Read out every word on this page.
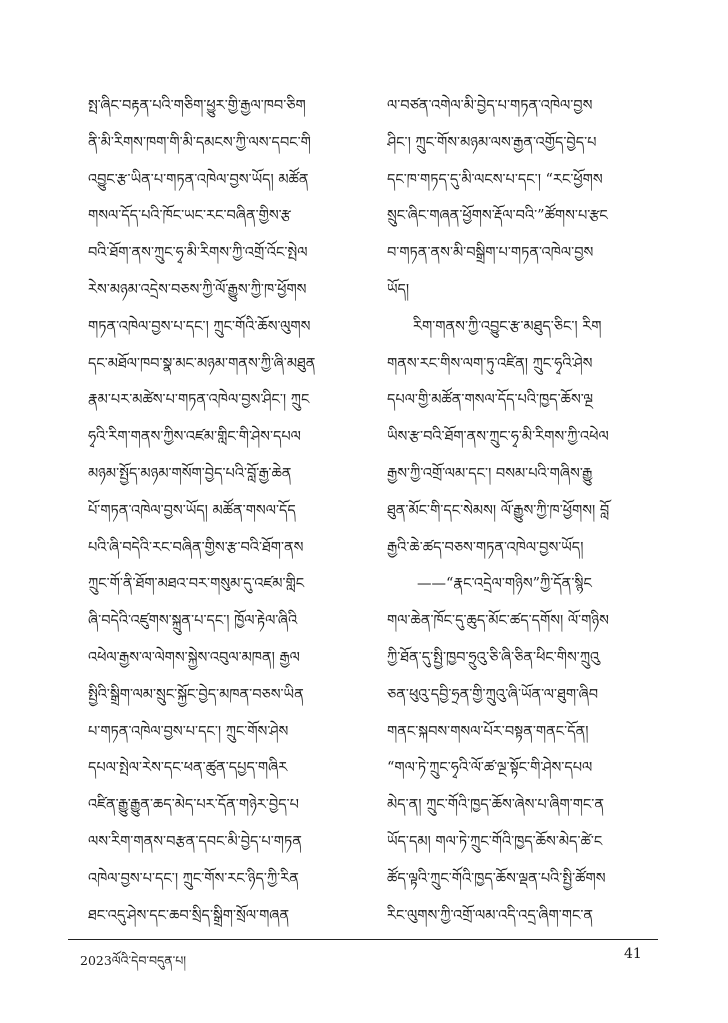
སྤ་ཞིང་བརྟན་པའི་གཅིག་ཕྱུར་གྱི་རྒྱལ་ཁབ་ཅིག
ནི་མི་རིགས་ཁག་གི་མི་དམངས་ཀྱི་ལས་དབང་གི
འབྱུང་རྩ་ཡིན་པ་གཏན་འཁེལ་བྱས་ཡོད། མཚོན
གསལ་དོད་པའི་ཁོང་ཡང་རང་བཞིན་གྱིས་རྩ
བའི་ཐོག་ནས་ཀྲུང་ཧྭ་མི་རིགས་ཀྱི་འགྲོ་འོང་སྤེལ
རེས་མཉམ་འདྲེས་བཅས་ཀྱི་ལོ་རྒྱུས་ཀྱི་ཁ་ཕྱོགས
གཏན་འཁེལ་བྱས་པ་དང་། ཀྲུང་གོའི་ཆོས་ལུགས
དང་མཐོལ་ཁབ་སྣ་མང་མཉམ་གནས་ཀྱི་ཞི་མཐུན
རྣམ་པར་མཚེས་པ་གཏན་འཁེལ་བྱས་ཤིང་། ཀྲུང
ཧྭའི་རིག་གནས་ཀྱིས་འཛམ་གླིང་གི་ཤེས་དཔལ
མཉམ་སྤྱོད་མཉམ་གསོག་བྱེད་པའི་བློ་རྒྱ་ཆེན
པོ་གཏན་འཁེལ་བྱས་ཡོད། མཚོན་གསལ་དོད
པའི་ཞི་བདེའི་རང་བཞིན་གྱིས་རྩ་བའི་ཐོག་ནས
ཀྲུང་གོ་ནི་ཐོག་མཐའ་བར་གསུམ་དུ་འཛམ་གླིང
ཞི་བདེའི་འཛུགས་སྐྲུན་པ་དང་། ཁྱོལ་རྟེལ་ཞིའི
འཕེལ་རྒྱས་ལ་ལེགས་སྐྱེས་འབུལ་མཁན། རྒྱལ
སྤྱིའི་སྒྲིག་ལམ་སྲུང་སྐྱོང་བྱེད་མཁན་བཅས་ཡིན
པ་གཏན་འཁེལ་བྱས་པ་དང་། ཀྲུང་གོས་ཤེས
དཔལ་སྤེལ་རེས་དང་ཕན་ཚུན་དཔྱད་གཞིར
འཛིན་རྒྱུ་རྒྱུན་ཆད་མེད་པར་དོན་གཉེར་བྱེད་པ
ལས་རིག་གནས་བརྩན་དབང་མི་བྱེད་པ་གཏན
འཁེལ་བྱས་པ་དང་། ཀྲུང་གོས་རང་ཉིད་ཀྱི་རིན
ཐང་འདུ་ཤེས་དང་ཆབ་སྲིད་སྒྲིག་སྲོལ་གཞན
ལ་བཙན་འགེལ་མི་བྱེད་པ་གཏན་འཁེལ་བྱས
ཤིང་། ཀྲུང་གོས་མཉམ་ལས་རྒྱན་འགྱོད་བྱེད་པ
དང་ཁ་གཏད་དུ་མི་ལངས་པ་དང་། “རང་ཕྱོགས
སྲུང་ཞིང་གཞན་ཕྱོགས་རྡོལ་བའི་”ཚོགས་པ་རྩང
བ་གཏན་ནས་མི་བསྒྲིག་པ་གཏན་འཁེལ་བྱས
ཡོད།
རིག་གནས་ཀྱི་འབྱུང་རྩ་མཐུད་ཅིང་། རིག
གནས་རང་གིས་ལག་ཏུ་འཛིན། ཀྲུང་ཧྭའི་ཤེས
དཔལ་གྱི་མཚོན་གསལ་དོད་པའི་ཁྱད་ཆོས་ལྔ
ཡིས་རྩ་བའི་ཐོག་ནས་ཀྲུང་ཧྭ་མི་རིགས་ཀྱི་འཕེལ
རྒྱས་ཀྱི་འགྲོ་ལམ་དང་། བསམ་པའི་གཞིས་རྒྱུ
ཐུན་མོང་གི་དང་སེམས། ལོ་རྒྱུས་ཀྱི་ཁ་ཕྱོགས། བློ
རྒྱའི་ཆེ་ཚད་བཅས་གཏན་འཁེལ་བྱས་ཡོད།
——“རྣང་འདྲེལ་གཉིས”ཀྱི་དོན་སྙིང
གལ་ཆེན་ཁོང་དུ་ཆུད་མོང་ཚད་དགོས། ལོ་གཉིས
ཀྱི་ཐོན་དུ་སྤྱི་ཁྱབ་ཧྲུའུ་ཅི་ཞི་ཅིན་ཕིང་གིས་ཀྲུའུ
ཅན་ཕུའུ་དབྱི་ཧྲན་གྱི་ཀྲུའུ་ཞི་ཡོན་ལ་ཐུག་ཞིབ
གནང་སྐབས་གསལ་པོར་བསྟན་གནང་དོན།
“གལ་ཏེ་ཀྲུང་ཧྭའི་ལོ་ཚ་ལྔ་སྟོང་གི་ཤེས་དཔལ
མེད་ན། ཀྲུང་གོའི་ཁྱད་ཆོས་ཞེས་པ་ཞིག་གང་ན
ཡོད་དམ། གལ་ཏེ་ཀྲུང་གོའི་ཁྱད་ཆོས་མེད་ཚེ་ང
ཚོད་ལྟའི་ཀྲུང་གོའི་ཁྱད་ཆོས་ལྡན་པའི་སྤྱི་ཚོགས
རིང་ལུགས་ཀྱི་འགྲོ་ལམ་འདི་འདྲ་ཞིག་གང་ན
2023ལོའི་དེབ་བདུན་པ།	41
